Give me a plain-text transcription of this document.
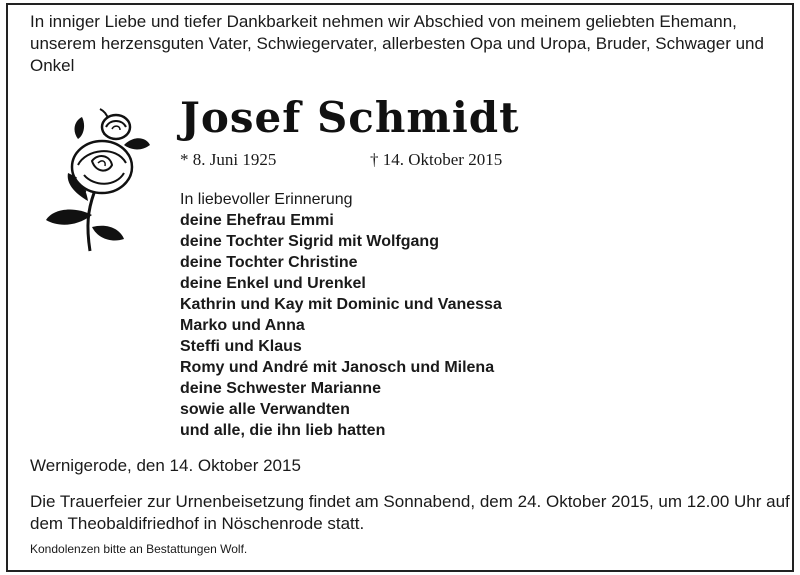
In inniger Liebe und tiefer Dankbarkeit nehmen wir Abschied von meinem geliebten Ehemann, unserem herzensguten Vater, Schwiegervater, allerbesten Opa und Uropa, Bruder, Schwager und Onkel
Josef Schmidt
* 8. Juni 1925	† 14. Oktober 2015
In liebevoller Erinnerung
deine Ehefrau Emmi
deine Tochter Sigrid mit Wolfgang
deine Tochter Christine
deine Enkel und Urenkel
Kathrin und Kay mit Dominic und Vanessa
Marko und Anna
Steffi und Klaus
Romy und André mit Janosch und Milena
deine Schwester Marianne
sowie alle Verwandten
und alle, die ihn lieb hatten
Wernigerode, den 14. Oktober 2015
Die Trauerfeier zur Urnenbeisetzung findet am Sonnabend, dem 24. Oktober 2015, um 12.00 Uhr auf dem Theobaldifriedhof in Nöschenrode statt.
Kondolenzen bitte an Bestattungen Wolf.
